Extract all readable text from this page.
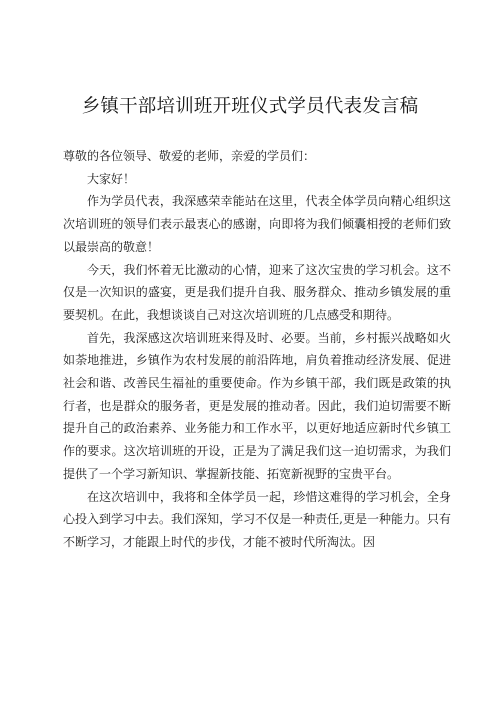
乡镇干部培训班开班仪式学员代表发言稿

尊敬的各位领导、敬爱的老师，亲爱的学员们：

大家好！

作为学员代表，我深感荣幸能站在这里，代表全体学员向精心组织这次培训班的领导们表示最衷心的感谢，向即将为我们倾囊相授的老师们致以最崇高的敬意！

今天，我们怀着无比激动的心情，迎来了这次宝贵的学习机会。这不仅是一次知识的盛宴，更是我们提升自我、服务群众、推动乡镇发展的重要契机。在此，我想谈谈自己对这次培训班的几点感受和期待。

首先，我深感这次培训班来得及时、必要。当前，乡村振兴战略如火如荼地推进，乡镇作为农村发展的前沿阵地，肩负着推动经济发展、促进社会和谐、改善民生福祉的重要使命。作为乡镇干部，我们既是政策的执行者，也是群众的服务者，更是发展的推动者。因此，我们迫切需要不断提升自己的政治素养、业务能力和工作水平，以更好地适应新时代乡镇工作的要求。这次培训班的开设，正是为了满足我们这一迫切需求，为我们提供了一个学习新知识、掌握新技能、拓宽新视野的宝贵平台。

在这次培训中，我将和全体学员一起，珍惜这难得的学习机会，全身心投入到学习中去。我们深知，学习不仅是一种责任,更是一种能力。只有不断学习，才能跟上时代的步伐，才能不被时代所淘汰。因
